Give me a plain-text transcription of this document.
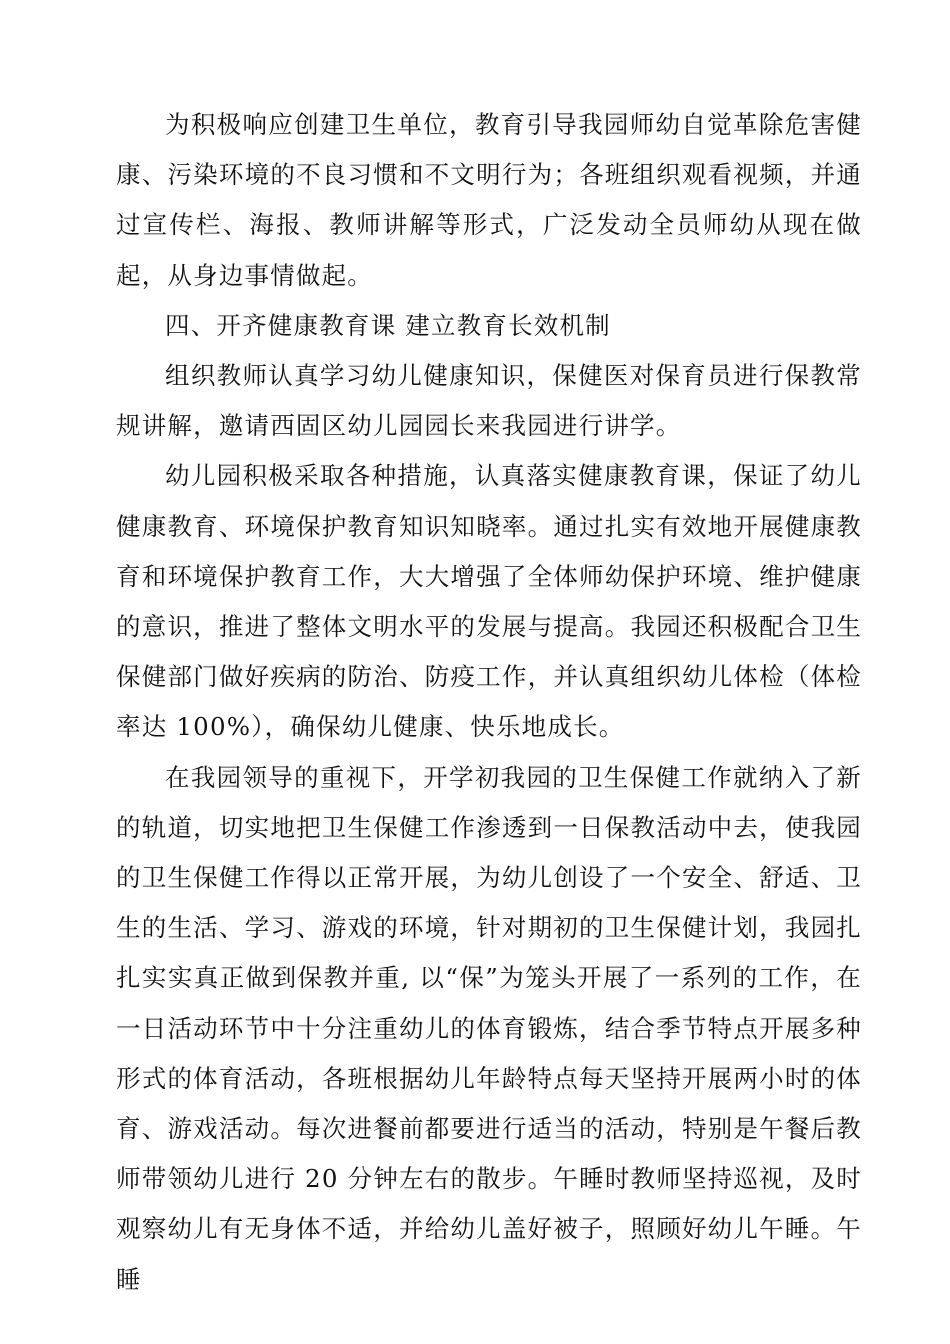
为积极响应创建卫生单位，教育引导我园师幼自觉革除危害健康、污染环境的不良习惯和不文明行为；各班组织观看视频，并通过宣传栏、海报、教师讲解等形式，广泛发动全员师幼从现在做起，从身边事情做起。

四、开齐健康教育课 建立教育长效机制

组织教师认真学习幼儿健康知识，保健医对保育员进行保教常规讲解，邀请西固区幼儿园园长来我园进行讲学。

幼儿园积极采取各种措施，认真落实健康教育课，保证了幼儿健康教育、环境保护教育知识知晓率。通过扎实有效地开展健康教育和环境保护教育工作，大大增强了全体师幼保护环境、维护健康的意识，推进了整体文明水平的发展与提高。我园还积极配合卫生保健部门做好疾病的防治、防疫工作，并认真组织幼儿体检（体检率达 100%），确保幼儿健康、快乐地成长。

在我园领导的重视下，开学初我园的卫生保健工作就纳入了新的轨道，切实地把卫生保健工作渗透到一日保教活动中去，使我园的卫生保健工作得以正常开展，为幼儿创设了一个安全、舒适、卫生的生活、学习、游戏的环境，针对期初的卫生保健计划，我园扎扎实实真正做到保教并重, 以“保”为笼头开展了一系列的工作，在一日活动环节中十分注重幼儿的体育锻炼，结合季节特点开展多种形式的体育活动，各班根据幼儿年龄特点每天坚持开展两小时的体育、游戏活动。每次进餐前都要进行适当的活动，特别是午餐后教师带领幼儿进行 20 分钟左右的散步。午睡时教师坚持巡视，及时观察幼儿有无身体不适，并给幼儿盖好被子，照顾好幼儿午睡。午睡
